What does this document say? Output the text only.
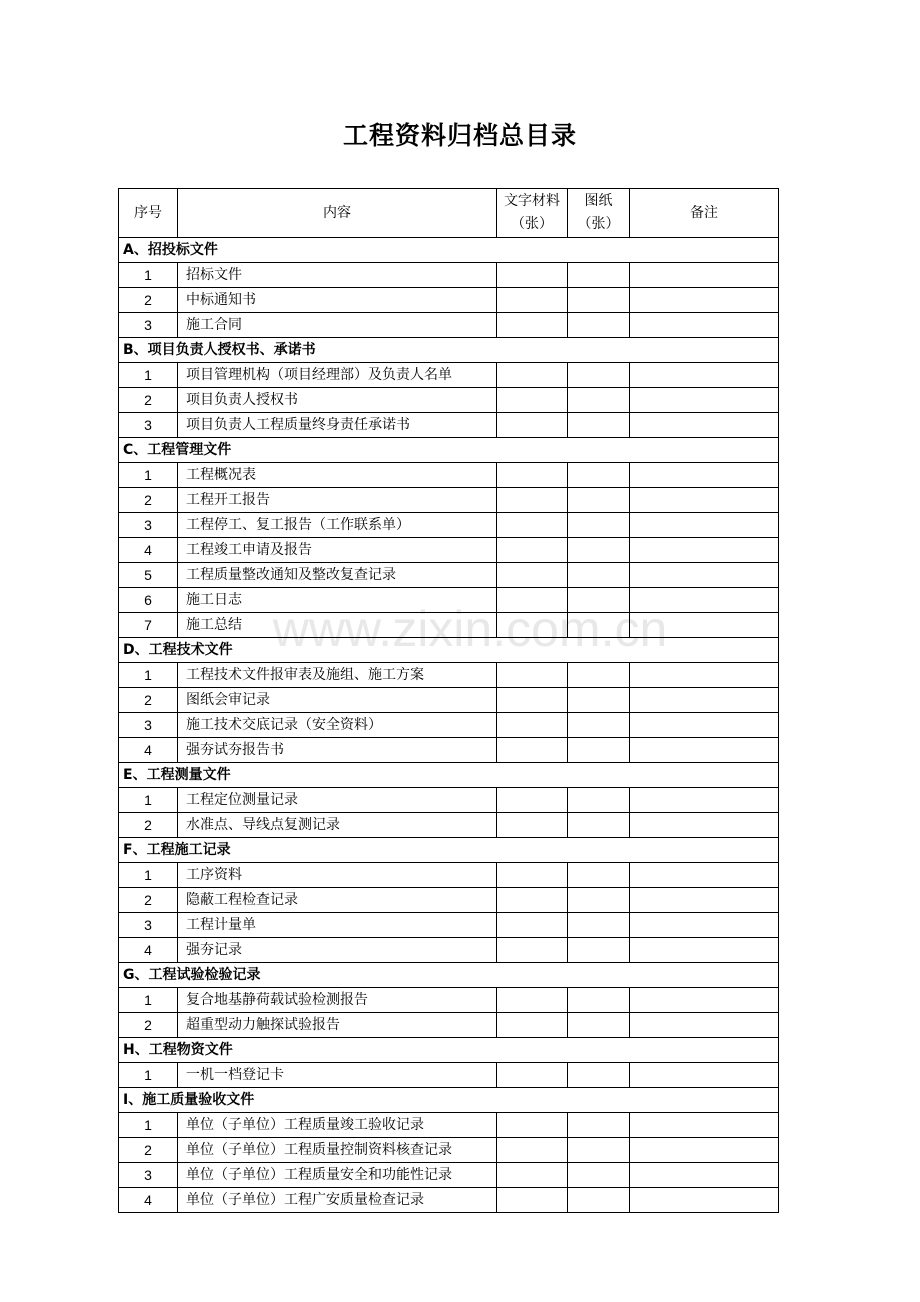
工程资料归档总目录
www.zixin.com.cn
序号	内容	文字材料（张）	图纸（张）	备注
A、招投标文件				
1	招标文件			
2	中标通知书			
3	施工合同			
B、项目负责人授权书、承诺书				
1	项目管理机构（项目经理部）及负责人名单			
2	项目负责人授权书			
3	项目负责人工程质量终身责任承诺书			
C、工程管理文件				
1	工程概况表			
2	工程开工报告			
3	工程停工、复工报告（工作联系单）			
4	工程竣工申请及报告			
5	工程质量整改通知及整改复查记录			
6	施工日志			
7	施工总结			
D、工程技术文件				
1	工程技术文件报审表及施组、施工方案			
2	图纸会审记录			
3	施工技术交底记录（安全资料）			
4	强夯试夯报告书			
E、工程测量文件				
1	工程定位测量记录			
2	水准点、导线点复测记录			
F、工程施工记录				
1	工序资料			
2	隐蔽工程检查记录			
3	工程计量单			
4	强夯记录			
G、工程试验检验记录				
1	复合地基静荷载试验检测报告			
2	超重型动力触探试验报告			
H、工程物资文件				
1	一机一档登记卡			
I、施工质量验收文件				
1	单位（子单位）工程质量竣工验收记录			
2	单位（子单位）工程质量控制资料核查记录			
3	单位（子单位）工程质量安全和功能性记录			
4	单位（子单位）工程广安质量检查记录			
